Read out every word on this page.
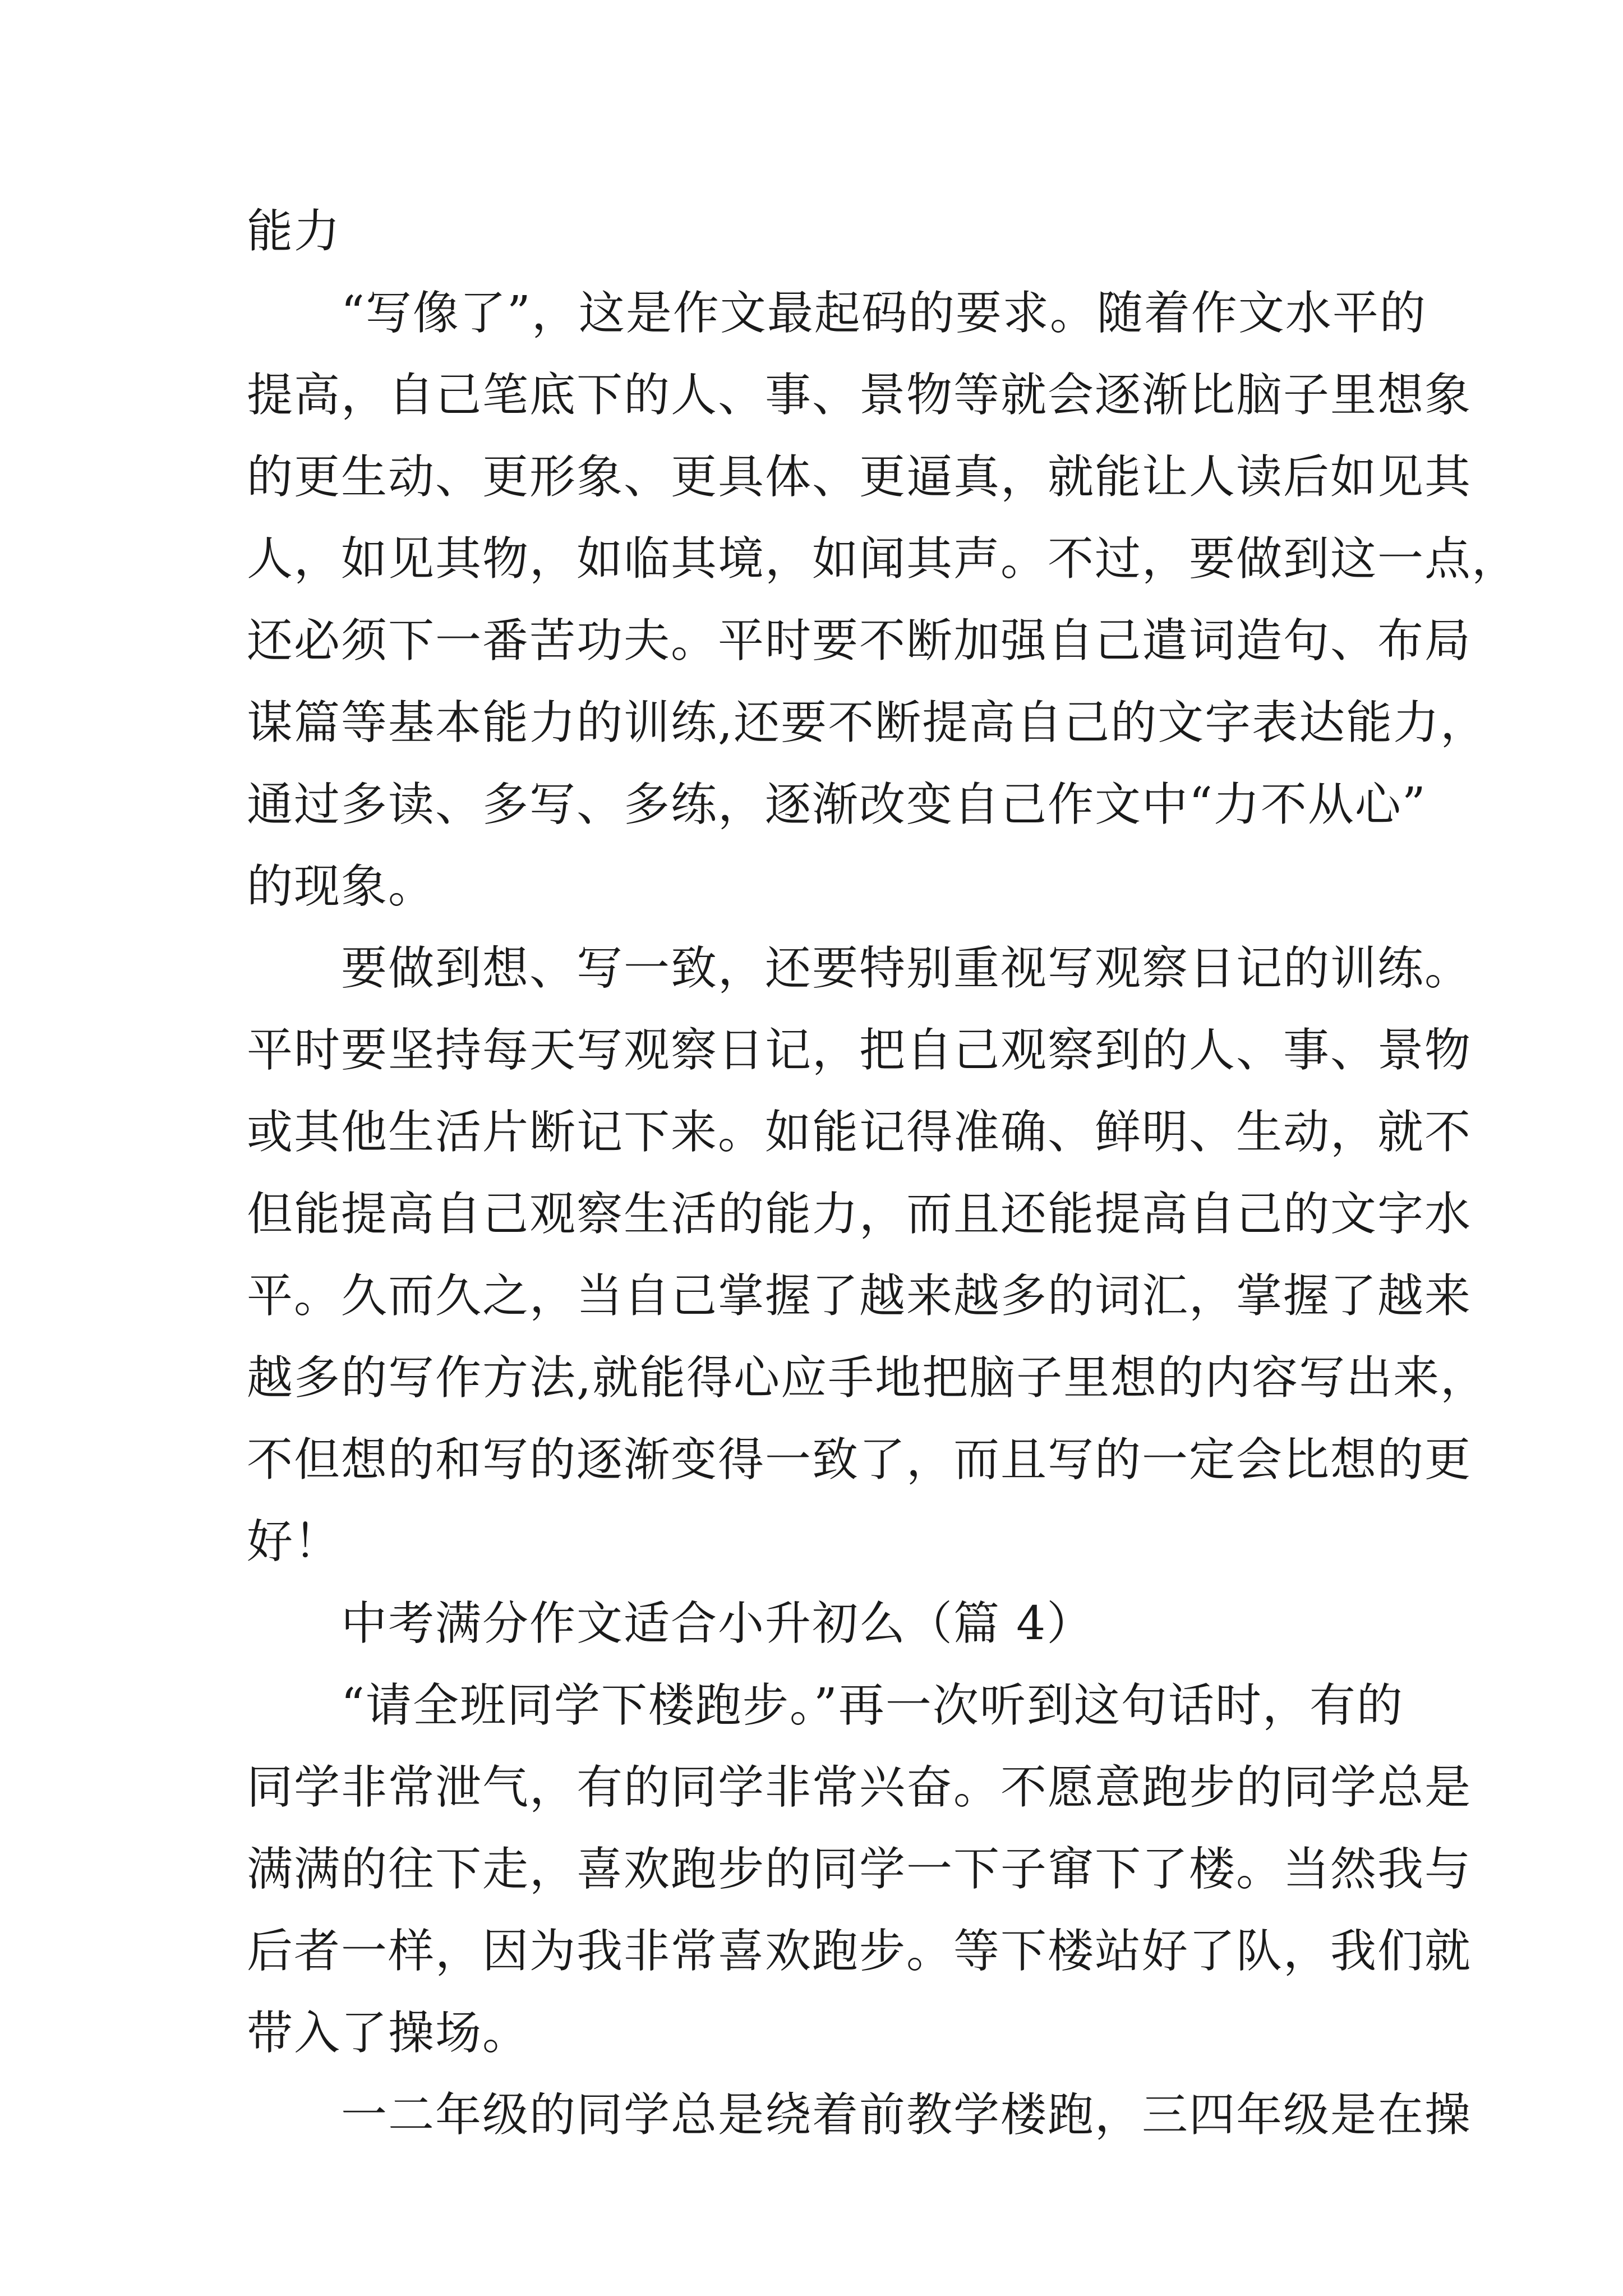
能力
“写像了”，这是作文最起码的要求。随着作文水平的
提高，自己笔底下的人、事、景物等就会逐渐比脑子里想象
的更生动、更形象、更具体、更逼真，就能让人读后如见其
人，如见其物，如临其境，如闻其声。不过，要做到这一点，
还必须下一番苦功夫。平时要不断加强自己遣词造句、布局
谋篇等基本能力的训练,还要不断提高自己的文字表达能力，
通过多读、多写、多练，逐渐改变自己作文中“力不从心”
的现象。
要做到想、写一致，还要特别重视写观察日记的训练。
平时要坚持每天写观察日记，把自己观察到的人、事、景物
或其他生活片断记下来。如能记得准确、鲜明、生动，就不
但能提高自己观察生活的能力，而且还能提高自己的文字水
平。久而久之，当自己掌握了越来越多的词汇，掌握了越来
越多的写作方法,就能得心应手地把脑子里想的内容写出来，
不但想的和写的逐渐变得一致了，而且写的一定会比想的更
好！
中考满分作文适合小升初么（篇 4）
“请全班同学下楼跑步。”再一次听到这句话时，有的
同学非常泄气，有的同学非常兴奋。不愿意跑步的同学总是
满满的往下走，喜欢跑步的同学一下子窜下了楼。当然我与
后者一样，因为我非常喜欢跑步。等下楼站好了队，我们就
带入了操场。
一二年级的同学总是绕着前教学楼跑，三四年级是在操
